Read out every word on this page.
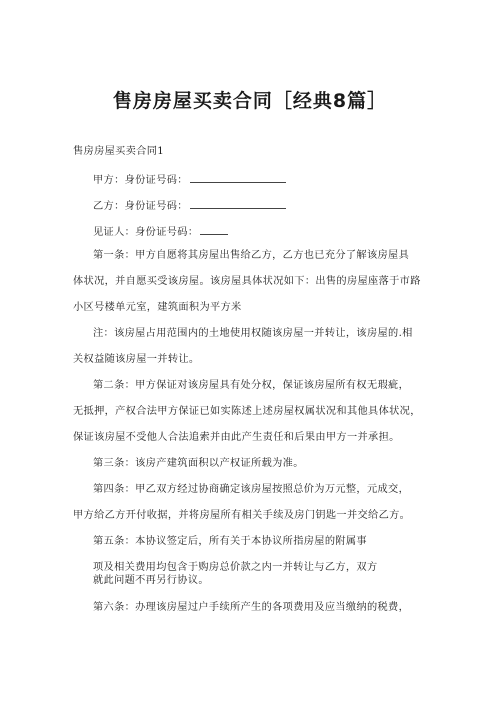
售房房屋买卖合同［经典8篇］
售房房屋买卖合同1
甲方：身份证号码：
乙方：身份证号码：
见证人：身份证号码：
第一条：甲方自愿将其房屋出售给乙方，乙方也已充分了解该房屋具
体状况，并自愿买受该房屋。该房屋具体状况如下：出售的房屋座落于市路
小区号楼单元室，建筑面积为平方米
注：该房屋占用范围内的土地使用权随该房屋一并转让，该房屋的.相
关权益随该房屋一并转让。
第二条：甲方保证对该房屋具有处分权，保证该房屋所有权无瑕疵，
无抵押，产权合法甲方保证已如实陈述上述房屋权属状况和其他具体状况，
保证该房屋不受他人合法追索并由此产生责任和后果由甲方一并承担。
第三条：该房产建筑面积以产权证所载为准。
第四条：甲乙双方经过协商确定该房屋按照总价为万元整，元成交，
甲方给乙方开付收据，并将房屋所有相关手续及房门钥匙一并交给乙方。
第五条：本协议签定后，所有关于本协议所指房屋的附属事
项及相关费用均包含于购房总价款之内一并转让与乙方，双方
就此问题不再另行协议。
第六条：办理该房屋过户手续所产生的各项费用及应当缴纳的税费，
